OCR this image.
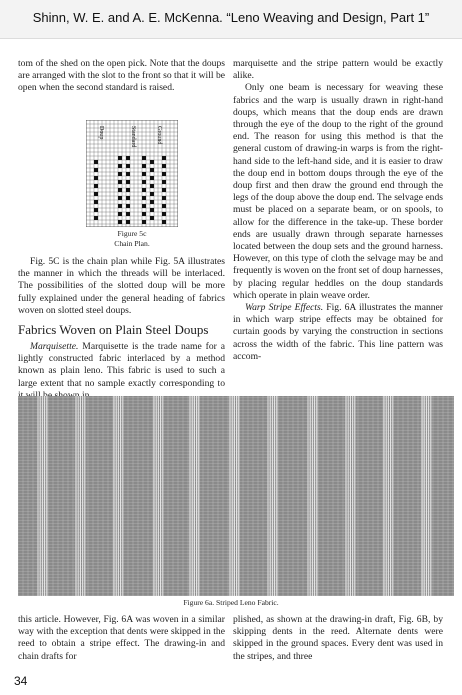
Shinn, W. E. and A. E. McKenna. “Leno Weaving and Design, Part 1”

tom of the shed on the open pick. Note that the doups are arranged with the slot to the front so that it will be open when the second standard is raised.

Doup	Standard	Ground
Figure 5c
Chain Plan.

Fig. 5C is the chain plan while Fig. 5A illustrates the manner in which the threads will be interlaced. The possibilities of the slotted doup will be more fully explained under the general heading of fabrics woven on slotted steel doups.

Fabrics Woven on Plain Steel Doups

Marquisette. Marquisette is the trade name for a lightly constructed fabric interlaced by a method known as plain leno. This fabric is used to such a large extent that no sample exactly corresponding to

marquisette and the stripe pattern would be exactly alike.

Only one beam is necessary for weaving these fabrics and the warp is usually drawn in right-hand doups, which means that the doup ends are drawn through the eye of the doup to the right of the ground end. The reason for using this method is that the general custom of drawing-in warps is from the right-hand side to the left-hand side, and it is easier to draw the doup end in bottom doups through the eye of the doup first and then draw the ground end through the legs of the doup above the doup end. The selvage ends must be placed on a separate beam, or on spools, to allow for the difference in the take-up. These border ends are usually drawn through separate harnesses located between the doup sets and the ground harness. However, on this type of cloth the selvage may be and frequently is woven on the front set of doup harnesses, by placing regular heddles on the doup standards which operate in plain weave order.

Warp Stripe Effects. Fig. 6A illustrates the manner in which warp stripe effects may be obtained for curtain goods by varying the construction in sections across the width of the fabric. This line pattern was accom-

Figure 6a. Striped Leno Fabric.

this article. However, Fig. 6A was woven in a similar way with the exception that dents were skipped in the reed to obtain a stripe effect. The drawing-in and chain drafts for

plished, as shown at the drawing-in draft, Fig. 6B, by skipping dents in the reed. Alternate dents were skipped in the ground spaces. Every dent was used in the stripes, and three

34
